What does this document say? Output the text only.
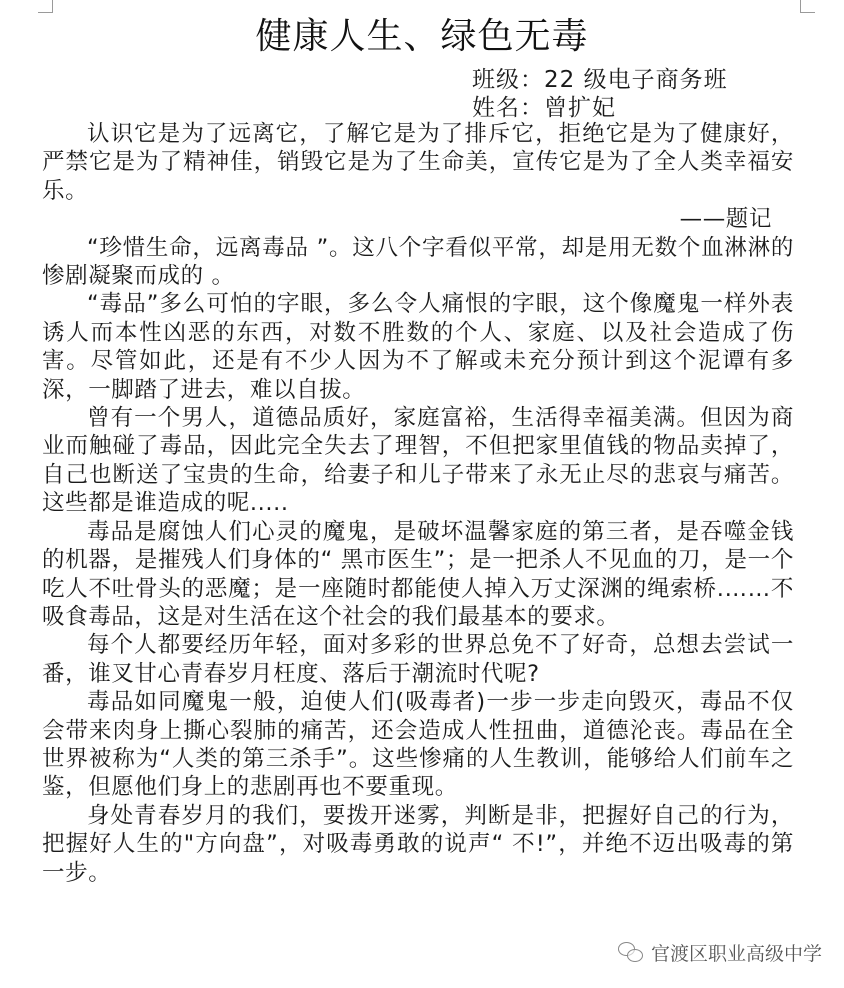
健康人生、绿色无毒
班级：22 级电子商务班
姓名：曾扩妃

认识它是为了远离它，了解它是为了排斥它，拒绝它是为了健康好，严禁它是为了精神佳，销毁它是为了生命美，宣传它是为了全人类幸福安乐。

——题记

“珍惜生命，远离毒品 ”。这八个字看似平常，却是用无数个血淋淋的惨剧凝聚而成的 。

“毒品”多么可怕的字眼，多么令人痛恨的字眼，这个像魔鬼一样外表诱人而本性凶恶的东西，对数不胜数的个人、家庭、以及社会造成了伤害。尽管如此，还是有不少人因为不了解或未充分预计到这个泥谭有多深，一脚踏了进去，难以自拔。

曾有一个男人，道德品质好，家庭富裕，生活得幸福美满。但因为商业而触碰了毒品，因此完全失去了理智，不但把家里值钱的物品卖掉了，自己也断送了宝贵的生命，给妻子和儿子带来了永无止尽的悲哀与痛苦。这些都是谁造成的呢.....

毒品是腐蚀人们心灵的魔鬼，是破坏温馨家庭的第三者，是吞噬金钱的机器，是摧残人们身体的“ 黑市医生”；是一把杀人不见血的刀，是一个吃人不吐骨头的恶魔；是一座随时都能使人掉入万丈深渊的绳索桥.……不吸食毒品，这是对生活在这个社会的我们最基本的要求。

每个人都要经历年轻，面对多彩的世界总免不了好奇，总想去尝试一番，谁叉甘心青春岁月枉度、落后于潮流时代呢?

毒品如同魔鬼一般，迫使人们(吸毒者)一步一步走向毁灭，毒品不仅会带来肉身上撕心裂肺的痛苦，还会造成人性扭曲，道德沦丧。毒品在全世界被称为“人类的第三杀手”。这些惨痛的人生教训，能够给人们前车之鉴，但愿他们身上的悲剧再也不要重现。

身处青春岁月的我们，要拨开迷雾，判断是非，把握好自己的行为，把握好人生的"方向盘”，对吸毒勇敢的说声“ 不!”，并绝不迈出吸毒的第一步。

官渡区职业高级中学
